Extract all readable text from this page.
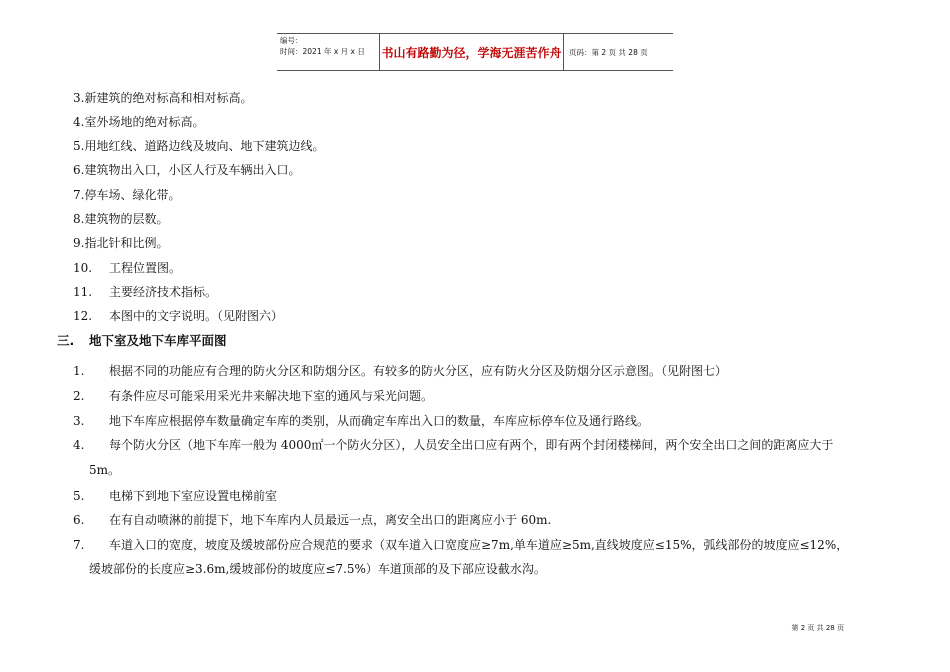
编号：
时间：2021 年 x 月 x 日	书山有路勤为径，学海无涯苦作舟	页码：第 2 页 共 28 页
3.新建筑的绝对标高和相对标高。
4.室外场地的绝对标高。
5.用地红线、道路边线及坡向、地下建筑边线。
6.建筑物出入口，小区人行及车辆出入口。
7.停车场、绿化带。
8.建筑物的层数。
9.指北针和比例。
10. 工程位置图。
11. 主要经济技术指标。
12. 本图中的文字说明。（见附图六）
三. 地下室及地下车库平面图
1. 根据不同的功能应有合理的防火分区和防烟分区。有较多的防火分区，应有防火分区及防烟分区示意图。（见附图七）
2. 有条件应尽可能采用采光井来解决地下室的通风与采光问题。
3. 地下车库应根据停车数量确定车库的类别，从而确定车库出入口的数量，车库应标停车位及通行路线。
4. 每个防火分区（地下车库一般为 4000㎡一个防火分区），人员安全出口应有两个，即有两个封闭楼梯间，两个安全出口之间的距离应大于
5m。
5. 电梯下到地下室应设置电梯前室
6. 在有自动喷淋的前提下，地下车库内人员最远一点，离安全出口的距离应小于 60m.
7. 车道入口的宽度，坡度及缓坡部份应合规范的要求（双车道入口宽度应≥7m,单车道应≥5m,直线坡度应≤15%，弧线部份的坡度应≤12%，
缓坡部份的长度应≥3.6m,缓坡部份的坡度应≤7.5%）车道顶部的及下部应设截水沟。
第 2 页 共 28 页
